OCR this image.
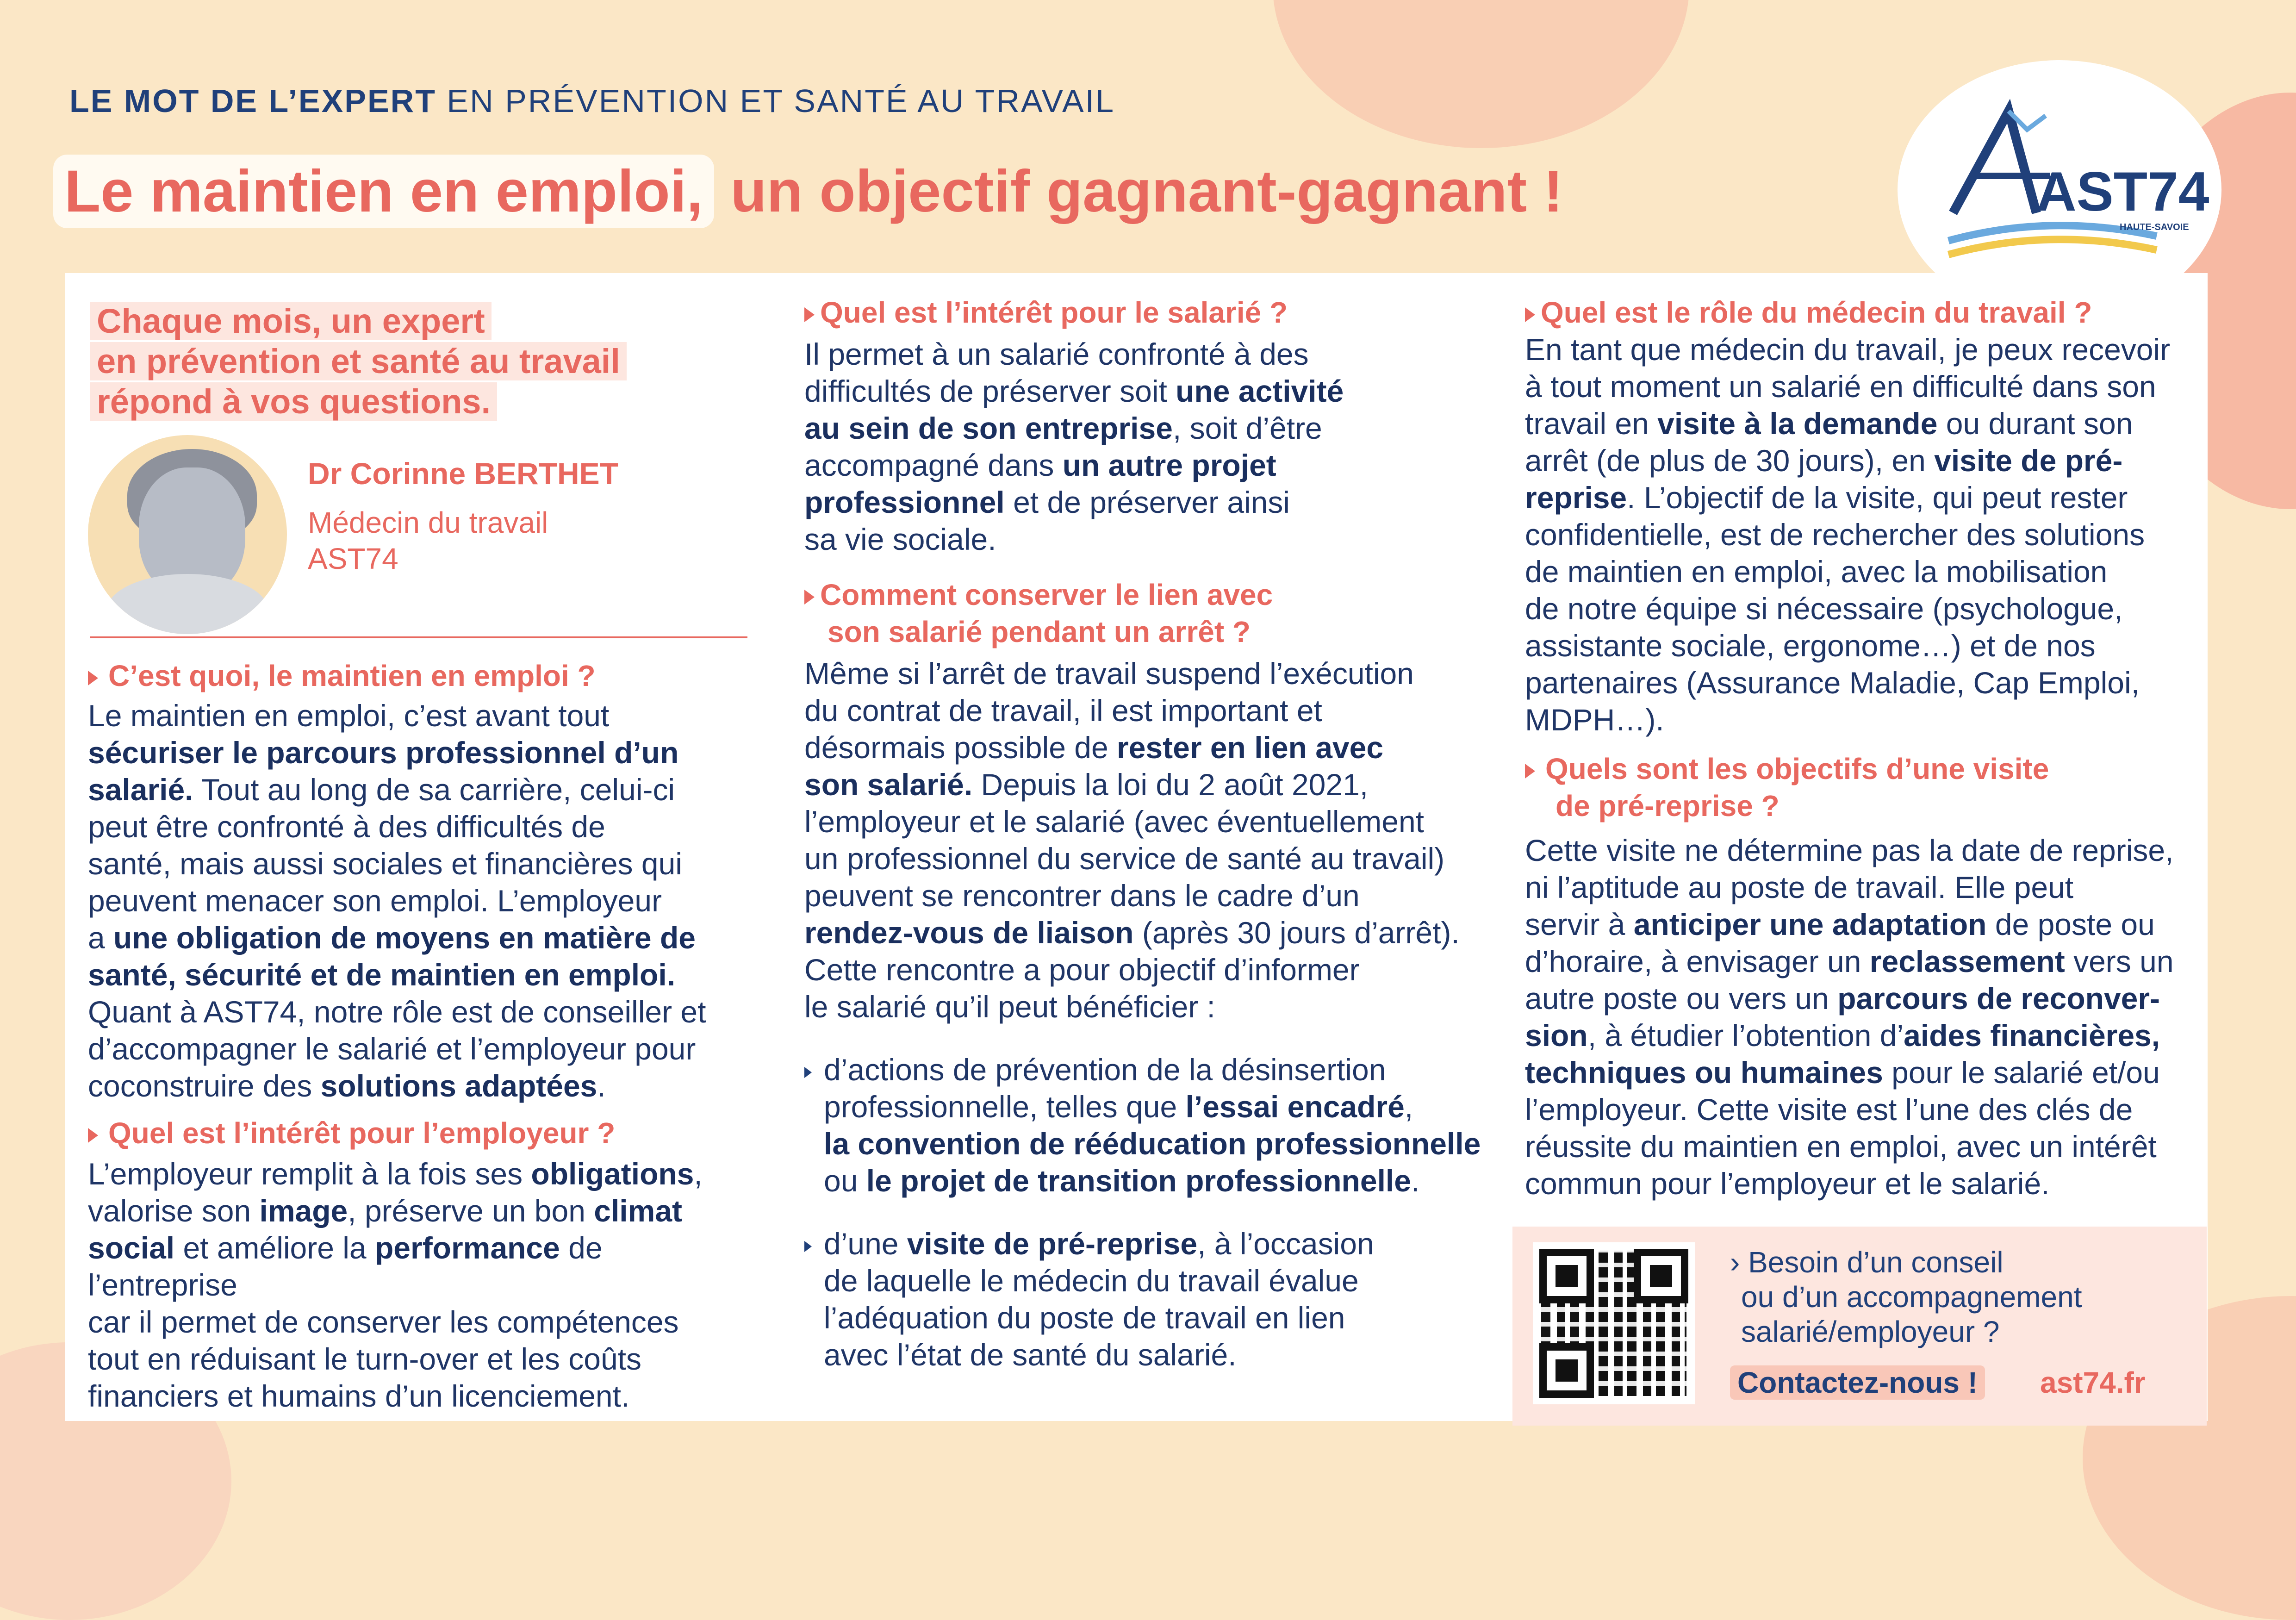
LE MOT DE L’EXPERT EN PRÉVENTION ET SANTÉ AU TRAVAIL
Le maintien en emploi, un objectif gagnant-gagnant !	AST74
HAUTE-SAVOIE
Chaque mois, un expert
en prévention et santé au travail
répond à vos questions.
Dr Corinne BERTHET
Médecin du travail
AST74

C’est quoi, le maintien en emploi ?

Le maintien en emploi, c’est avant tout
sécuriser le parcours professionnel d’un
salarié. Tout au long de sa carrière, celui-ci
peut être confronté à des difficultés de
santé, mais aussi sociales et financières qui
peuvent menacer son emploi. L’employeur
a une obligation de moyens en matière de
santé, sécurité et de maintien en emploi.
Quant à AST74, notre rôle est de conseiller et
d’accompagner le salarié et l’employeur pour
coconstruire des solutions adaptées.

Quel est l’intérêt pour l’employeur ?

L’employeur remplit à la fois ses obligations,
valorise son image, préserve un bon climat
social et améliore la performance de l’entreprise
car il permet de conserver les compétences
tout en réduisant le turn-over et les coûts
financiers et humains d’un licenciement.

Quel est l’intérêt pour le salarié ?

Il permet à un salarié confronté à des
difficultés de préserver soit une activité
au sein de son entreprise, soit d’être
accompagné dans un autre projet
professionnel et de préserver ainsi
sa vie sociale.

Comment conserver le lien avec
son salarié pendant un arrêt ?

Même si l’arrêt de travail suspend l’exécution
du contrat de travail, il est important et
désormais possible de rester en lien avec
son salarié. Depuis la loi du 2 août 2021,
l’employeur et le salarié (avec éventuellement
un professionnel du service de santé au travail)
peuvent se rencontrer dans le cadre d’un
rendez-vous de liaison (après 30 jours d’arrêt).
Cette rencontre a pour objectif d’informer
le salarié qu’il peut bénéficier :
d’actions de prévention de la désinsertion
professionnelle, telles que l’essai encadré,
la convention de rééducation professionnelle
ou le projet de transition professionnelle.
d’une visite de pré-reprise, à l’occasion
de laquelle le médecin du travail évalue
l’adéquation du poste de travail en lien
avec l’état de santé du salarié.

Quel est le rôle du médecin du travail ?

En tant que médecin du travail, je peux recevoir
à tout moment un salarié en difficulté dans son
travail en visite à la demande ou durant son
arrêt (de plus de 30 jours), en visite de pré-
reprise. L’objectif de la visite, qui peut rester
confidentielle, est de rechercher des solutions
de maintien en emploi, avec la mobilisation
de notre équipe si nécessaire (psychologue,
assistante sociale, ergonome…) et de nos
partenaires (Assurance Maladie, Cap Emploi,
MDPH…).

Quels sont les objectifs d’une visite
de pré-reprise ?

Cette visite ne détermine pas la date de reprise,
ni l’aptitude au poste de travail. Elle peut
servir à anticiper une adaptation de poste ou
d’horaire, à envisager un reclassement vers un
autre poste ou vers un parcours de reconver-
sion, à étudier l’obtention d’aides financières,
techniques ou humaines pour le salarié et/ou
l’employeur. Cette visite est l’une des clés de
réussite du maintien en emploi, avec un intérêt
commun pour l’employeur et le salarié.
› Besoin d’un conseil
ou d’un accompagnement
salarié/employeur ?
Contactez-nous ! ast74.fr
